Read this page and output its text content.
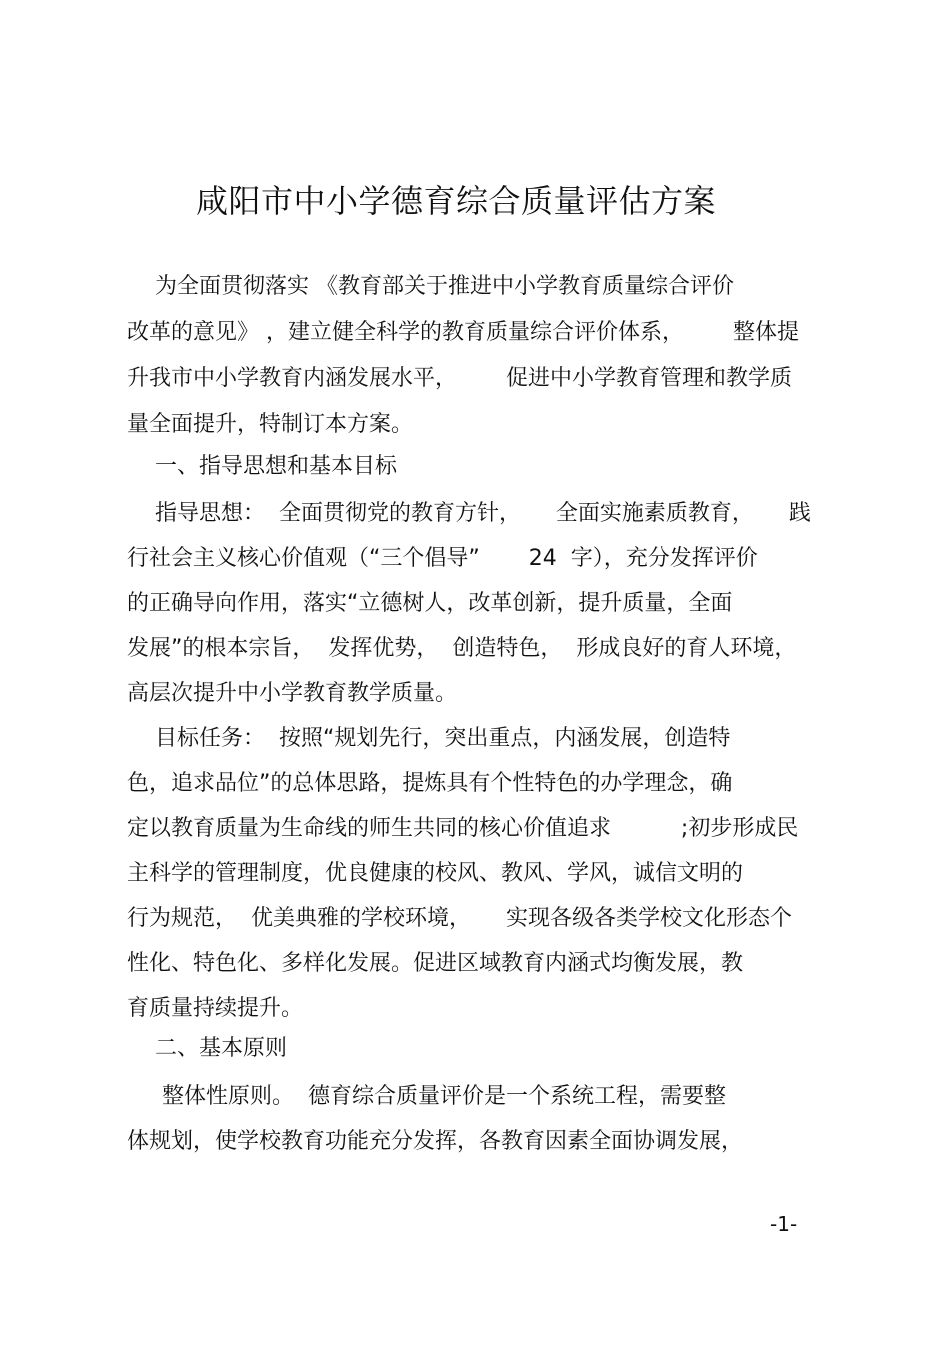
咸阳市中小学德育综合质量评估方案
为全面贯彻落实 《教育部关于推进中小学教育质量综合评价
改革的意见》 ，建立健全科学的教育质量综合评价体系，       整体提
升我市中小学教育内涵发展水平，       促进中小学教育管理和教学质
量全面提升，特制订本方案。
一、指导思想和基本目标
指导思想：  全面贯彻党的教育方针，     全面实施素质教育，     践
行社会主义核心价值观（“三个倡导”       24  字），充分发挥评价
的正确导向作用，落实“立德树人，改革创新，提升质量，全面
发展”的根本宗旨，  发挥优势，  创造特色，  形成良好的育人环境，
高层次提升中小学教育教学质量。
目标任务：  按照“规划先行，突出重点，内涵发展，创造特
色，追求品位”的总体思路，提炼具有个性特色的办学理念，确
定以教育质量为生命线的师生共同的核心价值追求          ;初步形成民
主科学的管理制度，优良健康的校风、教风、学风，诚信文明的
行为规范，  优美典雅的学校环境，     实现各级各类学校文化形态个
性化、特色化、多样化发展。促进区域教育内涵式均衡发展，教
育质量持续提升。
二、基本原则
整体性原则。  德育综合质量评价是一个系统工程，需要整
体规划，使学校教育功能充分发挥，各教育因素全面协调发展，
-1-
